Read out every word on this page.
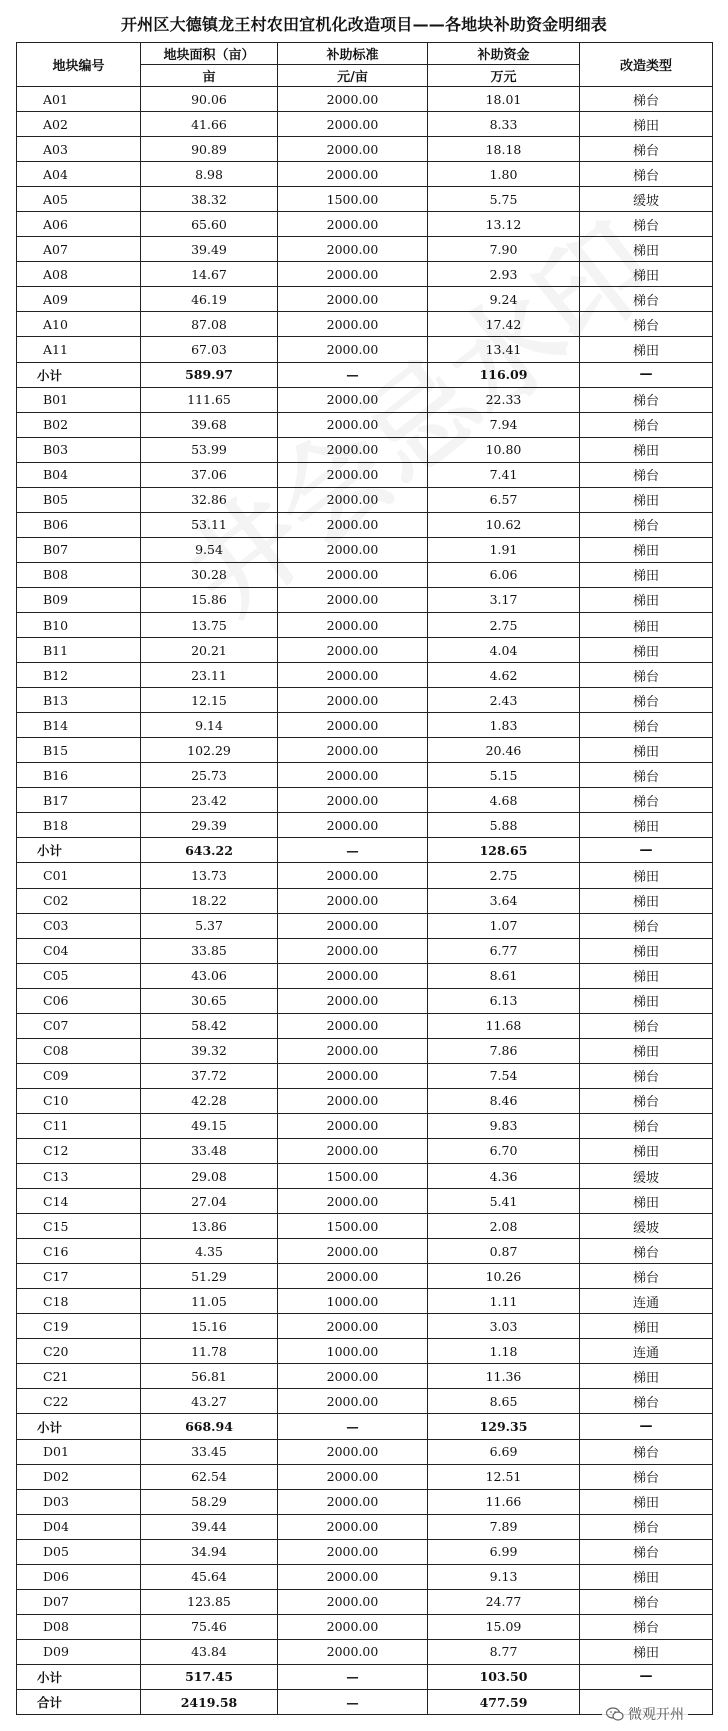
开州区大德镇龙王村农田宜机化改造项目——各地块补助资金明细表
地块编号	地块面积（亩）	补助标准	补助资金	改造类型
	亩	元/亩	万元	
A01	90.06	2000.00	18.01	梯台
A02	41.66	2000.00	8.33	梯田
A03	90.89	2000.00	18.18	梯台
A04	8.98	2000.00	1.80	梯台
A05	38.32	1500.00	5.75	缓坡
A06	65.60	2000.00	13.12	梯台
A07	39.49	2000.00	7.90	梯田
A08	14.67	2000.00	2.93	梯田
A09	46.19	2000.00	9.24	梯台
A10	87.08	2000.00	17.42	梯台
A11	67.03	2000.00	13.41	梯田
小计	589.97	—	116.09	—
B01	111.65	2000.00	22.33	梯台
B02	39.68	2000.00	7.94	梯台
B03	53.99	2000.00	10.80	梯田
B04	37.06	2000.00	7.41	梯台
B05	32.86	2000.00	6.57	梯田
B06	53.11	2000.00	10.62	梯台
B07	9.54	2000.00	1.91	梯田
B08	30.28	2000.00	6.06	梯田
B09	15.86	2000.00	3.17	梯田
B10	13.75	2000.00	2.75	梯田
B11	20.21	2000.00	4.04	梯田
B12	23.11	2000.00	4.62	梯台
B13	12.15	2000.00	2.43	梯台
B14	9.14	2000.00	1.83	梯台
B15	102.29	2000.00	20.46	梯田
B16	25.73	2000.00	5.15	梯台
B17	23.42	2000.00	4.68	梯台
B18	29.39	2000.00	5.88	梯田
小计	643.22	—	128.65	—
C01	13.73	2000.00	2.75	梯田
C02	18.22	2000.00	3.64	梯田
C03	5.37	2000.00	1.07	梯台
C04	33.85	2000.00	6.77	梯田
C05	43.06	2000.00	8.61	梯田
C06	30.65	2000.00	6.13	梯田
C07	58.42	2000.00	11.68	梯台
C08	39.32	2000.00	7.86	梯田
C09	37.72	2000.00	7.54	梯台
C10	42.28	2000.00	8.46	梯台
C11	49.15	2000.00	9.83	梯台
C12	33.48	2000.00	6.70	梯田
C13	29.08	1500.00	4.36	缓坡
C14	27.04	2000.00	5.41	梯田
C15	13.86	1500.00	2.08	缓坡
C16	4.35	2000.00	0.87	梯台
C17	51.29	2000.00	10.26	梯台
C18	11.05	1000.00	1.11	连通
C19	15.16	2000.00	3.03	梯田
C20	11.78	1000.00	1.18	连通
C21	56.81	2000.00	11.36	梯田
C22	43.27	2000.00	8.65	梯台
小计	668.94	—	129.35	—
D01	33.45	2000.00	6.69	梯台
D02	62.54	2000.00	12.51	梯台
D03	58.29	2000.00	11.66	梯田
D04	39.44	2000.00	7.89	梯台
D05	34.94	2000.00	6.99	梯台
D06	45.64	2000.00	9.13	梯田
D07	123.85	2000.00	24.77	梯台
D08	75.46	2000.00	15.09	梯台
D09	43.84	2000.00	8.77	梯田
小计	517.45	—	103.50	—
合计	2419.58	—	477.59	
微观开州
